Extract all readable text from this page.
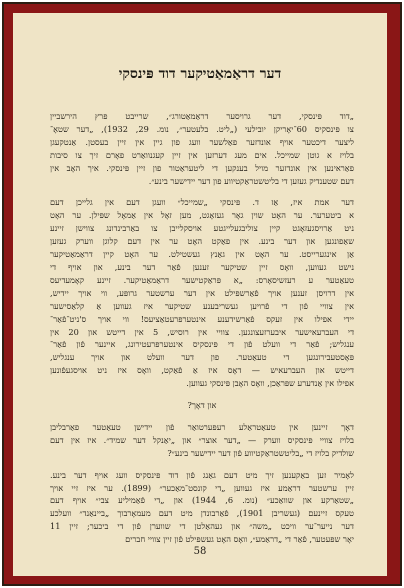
דער דראַמאַטיקער דוד פּינסקי
„דוד פּינסקי, דער גרויסער דראַמאַטורג״, שרייבט פּרץ הירשביין
צו פּינסקיס 60־יאָריקן יובילעי („ליט. בלעטער״, נומ. 29, 1932), „דער שטאָ־
ליצער דיכטער אויף אונדזער פאַלשער וועג פון גיין אין זיין בעסטן. אַנטקעגן
בלויז א גוטן שמייכל. אים מעג דערזען אין זיין קעגנוואַרט פאָרם זיך צו סיבות
פאַראינען אין אונדזער מויל בענקען די ליטעראַטור פון זיין פּינסקי. איך האָב אין
דעם שטענדיק געזען די בליטשטראַקטיווע פון דער יידישער בינע״.
דער אמת איז, אַז ד. פּינסקי „שמייכל״ וועגן דעם אין גלייכן דעם
א ביטערער. ער האָט שוין גאָר געזאָגט, מען זאָל אין אַמאָל שפּילן. ער האָט
ניט אַרויסגעזאָגט קיין צוליבגעלייגטע אויסקלייבן צו באַרבינדונג צווישן זיינע
שאַפונגען און דער בינע. אין פאַקט האָט ער אין דעם קלוגן ווערק געזען
אַן אינגערייסט. ער האָט אין גאַנץ געשטילט. ער האָט קיין דראַמאַטיקער
נישט געווען, וואָס זיין שטיקער זענען פֿאַר דער בינע, און אויף די
טעאַטער ע רעזשיסאָרס: „א פּראַקטישער דראַמאַטיקער. זיינע קאָמעדיעס
אין דרויסן זענען אויך פֿאַרשפּילט אין דער ערשטער גרופּע, ווי אויך יידיש,
אין צוויי פֿון די פֿרויען געשריבענע שטיקער איז געווען אַ קלאַסישער
יידי אפילו אין זעקס פֿאַרשידענע אינטערפּרעטאַציעס! ווי אויך ס'ניט־פֿאַר־
די העברעאישער איבערזעצונגען. צוויי אין רוסיש, 5 אין דייטש און 20 אין
ענגליש; פֿאַר די וועלט פֿון די פּינסקיס אינטערפּרעטירונג, איינער פֿון פֿאַר־
פּאָסטעבירונגען די טעאַטער. פון דער וועלט און אויך ענגליש,
דייטש און העברעאיש — דאָס איז אַ פֿאַקט, וואָס איז ניט אויסגעפֿונען
אפילו אין אַנדערע שפּראַכן, וואָס האָבן פּינסקי געווען.
און דאָך?
דאָך זיינען אין טעאַטראַלע רעפּערטואַר פֿון יידישן טעאַטער פאַרבליבן
בלויז צוויי פּינסקיס ווערק — „דער אוצר״ און „יאַנקל דער שמיד״. איז אין דעם
שולדיק בלויז די „בליטשטראַקטיווע פֿון דער יידישער בינע״?
לאָמיר זען באַקענען זיך מיט דעם גאַנג פֿון דוד פּינסקיס וועג אויף דער בינע.
זיין ערשטער דראַמע איז געווען „די קונסט־מאַכער״ (1899). ער איז זיי אויך
„שטאַרקע און שוואַכע״ (נומ. 6, 1944) און „די פֿאַמיליע צבי״ אויף דעם
טעקס זיינעם (געשריבן 1901), פֿאַרבונדן מיט דעם מעמאָרבוך „ביינאַנד״ וועלכע
דער נייער־ער וויכט „משה״ און געהאַלטן די שווערן פֿון די ביכער; זיין 11
יאָר שפּעטער, פֿאַר די „דראַמע״, וואָס האָט געשפּילט פֿון זיין צוויי חברים
58
